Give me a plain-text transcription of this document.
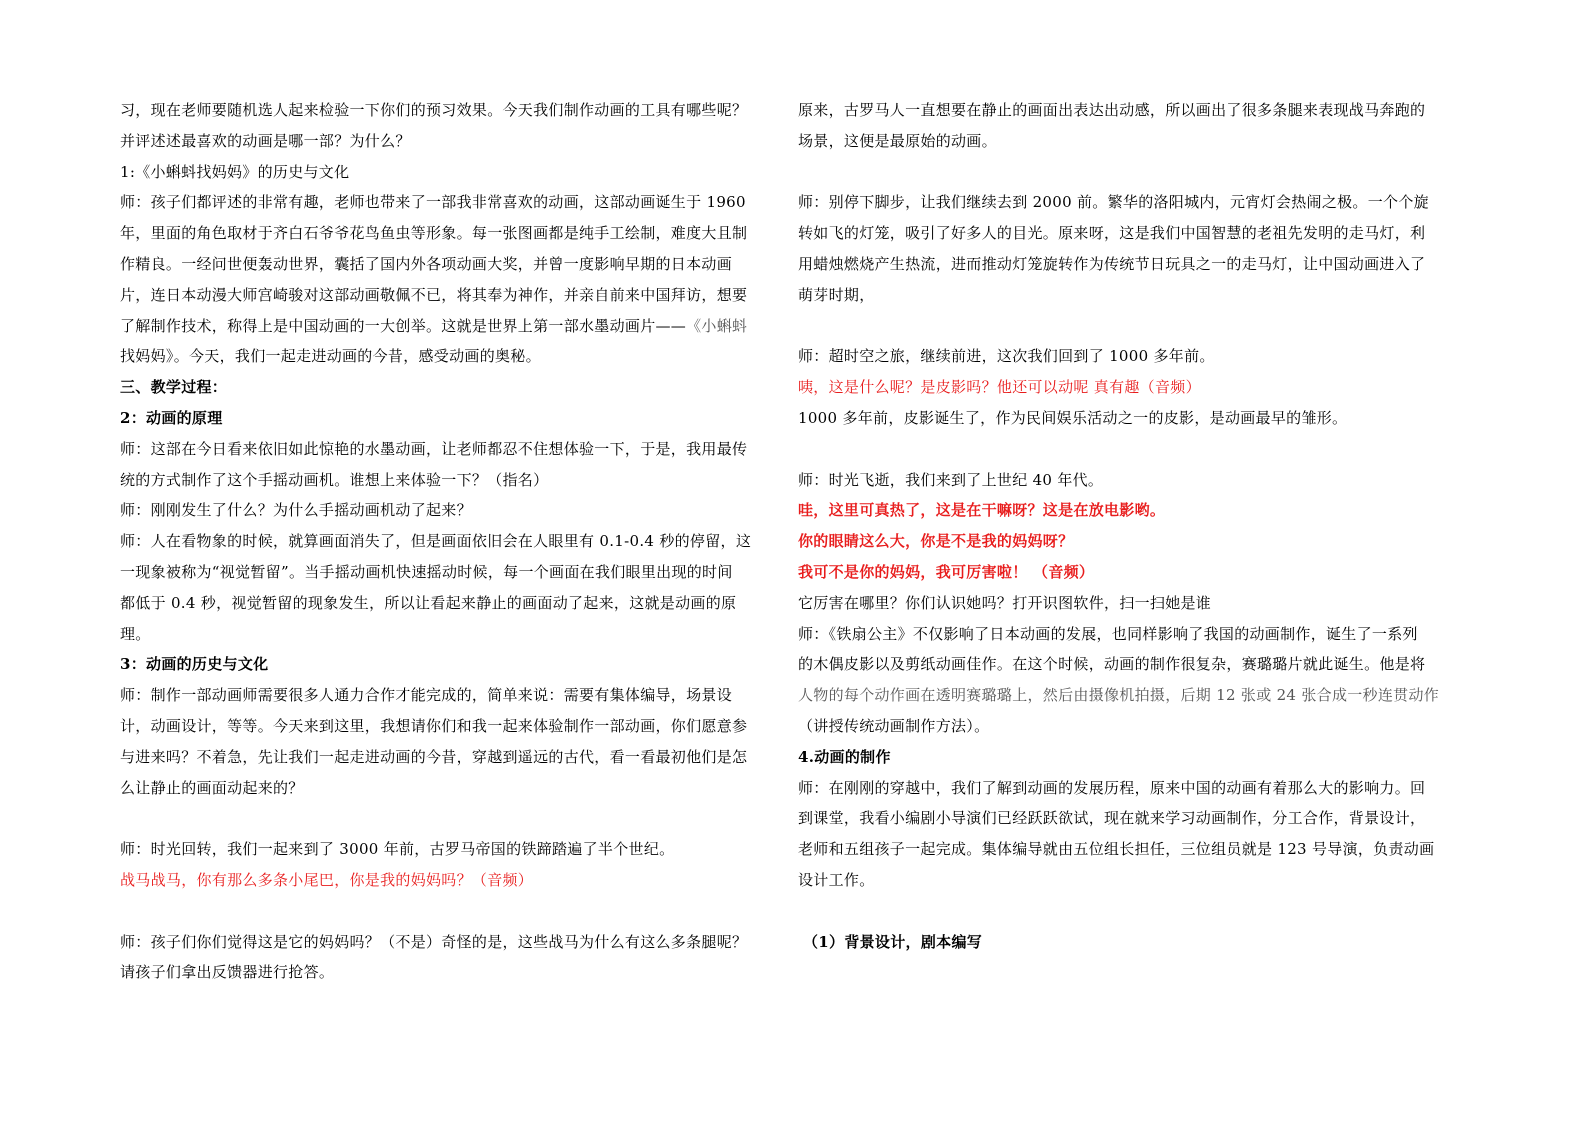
习，现在老师要随机选人起来检验一下你们的预习效果。今天我们制作动画的工具有哪些呢？
并评述述最喜欢的动画是哪一部？为什么？
1:《小蝌蚪找妈妈》的历史与文化
师：孩子们都评述的非常有趣，老师也带来了一部我非常喜欢的动画，这部动画诞生于 1960
年，里面的角色取材于齐白石爷爷花鸟鱼虫等形象。每一张图画都是纯手工绘制，难度大且制
作精良。一经问世便轰动世界，囊括了国内外各项动画大奖，并曾一度影响早期的日本动画
片，连日本动漫大师宫崎骏对这部动画敬佩不已，将其奉为神作，并亲自前来中国拜访，想要
了解制作技术，称得上是中国动画的一大创举。这就是世界上第一部水墨动画片——《小蝌蚪
找妈妈》。今天，我们一起走进动画的今昔，感受动画的奥秘。
三、教学过程：
2：动画的原理
师：这部在今日看来依旧如此惊艳的水墨动画，让老师都忍不住想体验一下，于是，我用最传
统的方式制作了这个手摇动画机。谁想上来体验一下？（指名）
师：刚刚发生了什么？为什么手摇动画机动了起来？
师：人在看物象的时候，就算画面消失了，但是画面依旧会在人眼里有 0.1-0.4 秒的停留，这
一现象被称为“视觉暂留”。当手摇动画机快速摇动时候，每一个画面在我们眼里出现的时间
都低于 0.4 秒，视觉暂留的现象发生，所以让看起来静止的画面动了起来，这就是动画的原
理。
3：动画的历史与文化
师：制作一部动画师需要很多人通力合作才能完成的，简单来说：需要有集体编导，场景设
计，动画设计，等等。今天来到这里，我想请你们和我一起来体验制作一部动画，你们愿意参
与进来吗？不着急，先让我们一起走进动画的今昔，穿越到遥远的古代，看一看最初他们是怎
么让静止的画面动起来的？
师：时光回转，我们一起来到了 3000 年前，古罗马帝国的铁蹄踏遍了半个世纪。
战马战马，你有那么多条小尾巴，你是我的妈妈吗？（音频）
师：孩子们你们觉得这是它的妈妈吗？（不是）奇怪的是，这些战马为什么有这么多条腿呢？
请孩子们拿出反馈器进行抢答。
原来，古罗马人一直想要在静止的画面出表达出动感，所以画出了很多条腿来表现战马奔跑的
场景，这便是最原始的动画。
师：别停下脚步，让我们继续去到 2000 前。繁华的洛阳城内，元宵灯会热闹之极。一个个旋
转如飞的灯笼，吸引了好多人的目光。原来呀，这是我们中国智慧的老祖先发明的走马灯，利
用蜡烛燃烧产生热流，进而推动灯笼旋转作为传统节日玩具之一的走马灯，让中国动画进入了
萌芽时期，
师：超时空之旅，继续前进，这次我们回到了 1000 多年前。
咦，这是什么呢？是皮影吗？他还可以动呢 真有趣（音频）
1000 多年前，皮影诞生了，作为民间娱乐活动之一的皮影，是动画最早的雏形。
师：时光飞逝，我们来到了上世纪 40 年代。
哇，这里可真热了，这是在干嘛呀？这是在放电影哟。
你的眼睛这么大，你是不是我的妈妈呀？
我可不是你的妈妈，我可厉害啦！ （音频）
它厉害在哪里？你们认识她吗？打开识图软件，扫一扫她是谁
师：《铁扇公主》不仅影响了日本动画的发展，也同样影响了我国的动画制作，诞生了一系列
的木偶皮影以及剪纸动画佳作。在这个时候，动画的制作很复杂，赛璐璐片就此诞生。他是将
人物的每个动作画在透明赛璐璐上，然后由摄像机拍摄，后期 12 张或 24 张合成一秒连贯动作
（讲授传统动画制作方法）。
4.动画的制作
师：在刚刚的穿越中，我们了解到动画的发展历程，原来中国的动画有着那么大的影响力。回
到课堂，我看小编剧小导演们已经跃跃欲试，现在就来学习动画制作，分工合作，背景设计，
老师和五组孩子一起完成。集体编导就由五位组长担任，三位组员就是 123 号导演，负责动画
设计工作。
（1）背景设计，剧本编写
